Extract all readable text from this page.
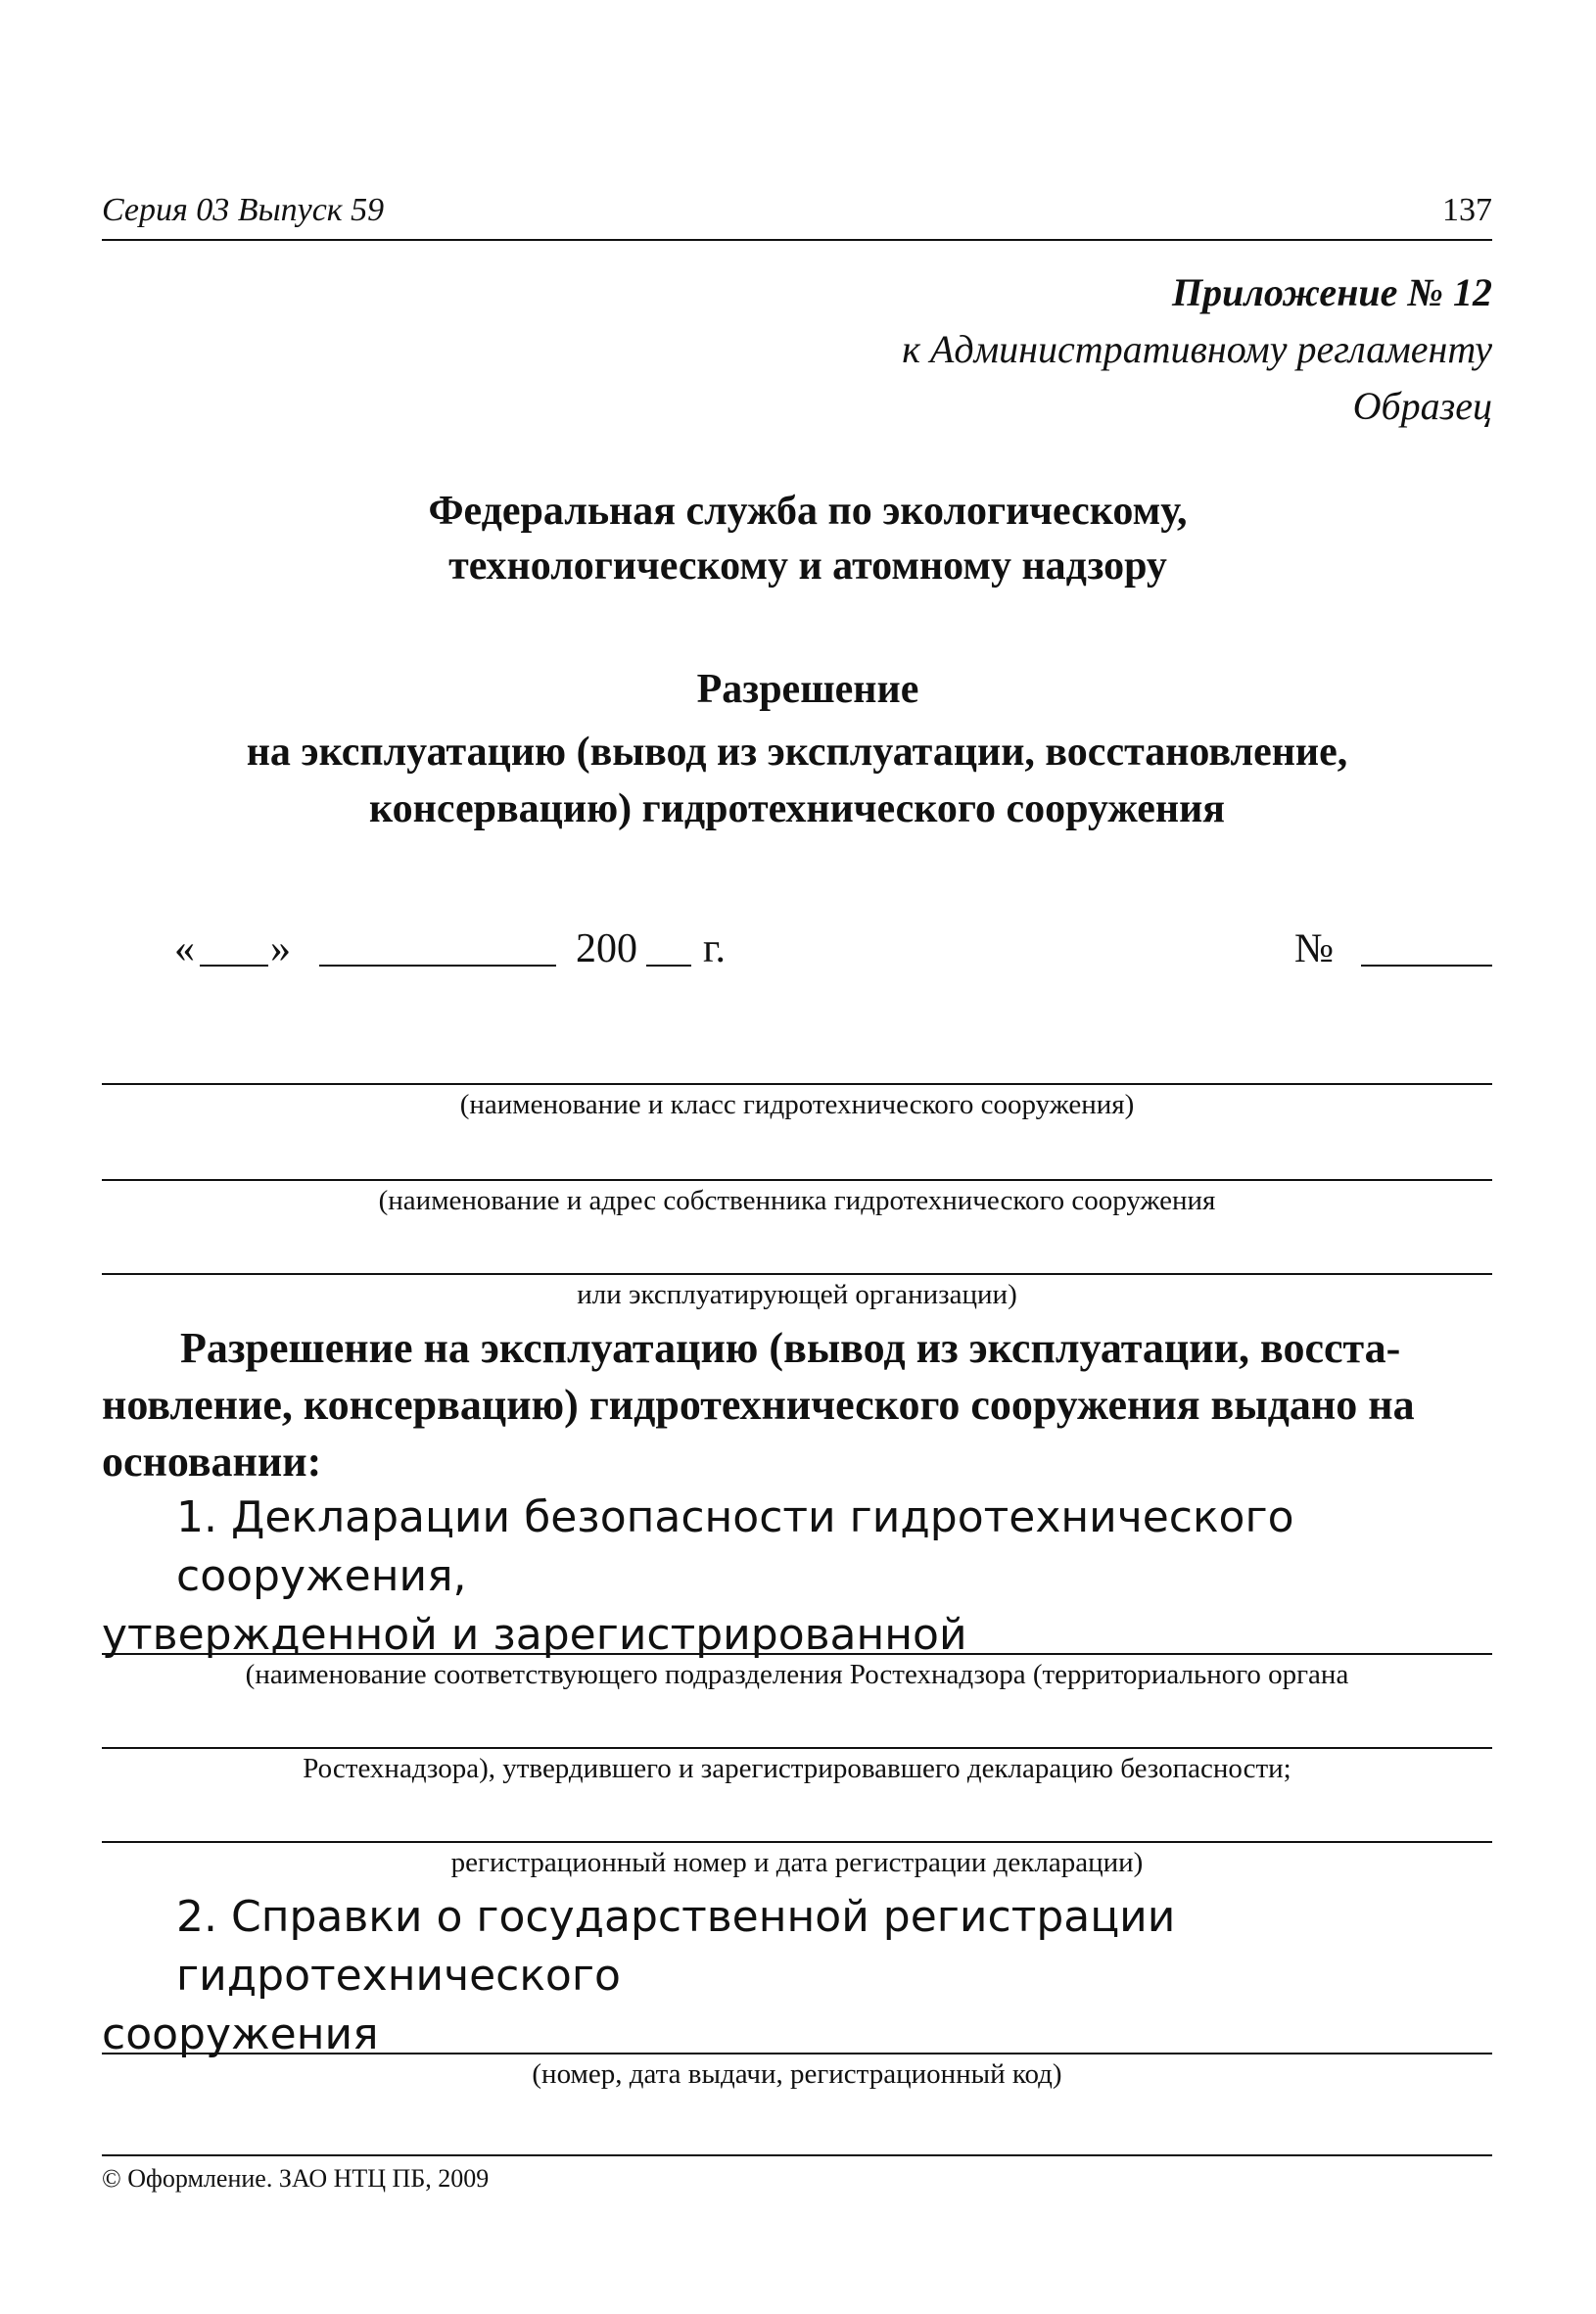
Серия 03 Выпуск 59	137
Приложение № 12
к Административному регламенту
Образец
Федеральная служба по экологическому,
технологическому и атомному надзору
Разрешение
на эксплуатацию (вывод из эксплуатации, восстановление,
консервацию) гидротехнического сооружения
« »	200 г.	№
(наименование и класс гидротехнического сооружения)
(наименование и адрес собственника гидротехнического сооружения
или эксплуатирующей организации)
Разрешение на эксплуатацию (вывод из эксплуатации, восста-
новление, консервацию) гидротехнического сооружения выдано на
основании:
1. Декларации безопасности гидротехнического сооружения,
утвержденной и зарегистрированной
(наименование соответствующего подразделения Ростехнадзора (территориального органа
Ростехнадзора), утвердившего и зарегистрировавшего декларацию безопасности;
регистрационный номер и дата регистрации декларации)
2. Справки о государственной регистрации гидротехнического
сооружения
(номер, дата выдачи, регистрационный код)
© Оформление. ЗАО НТЦ ПБ, 2009
